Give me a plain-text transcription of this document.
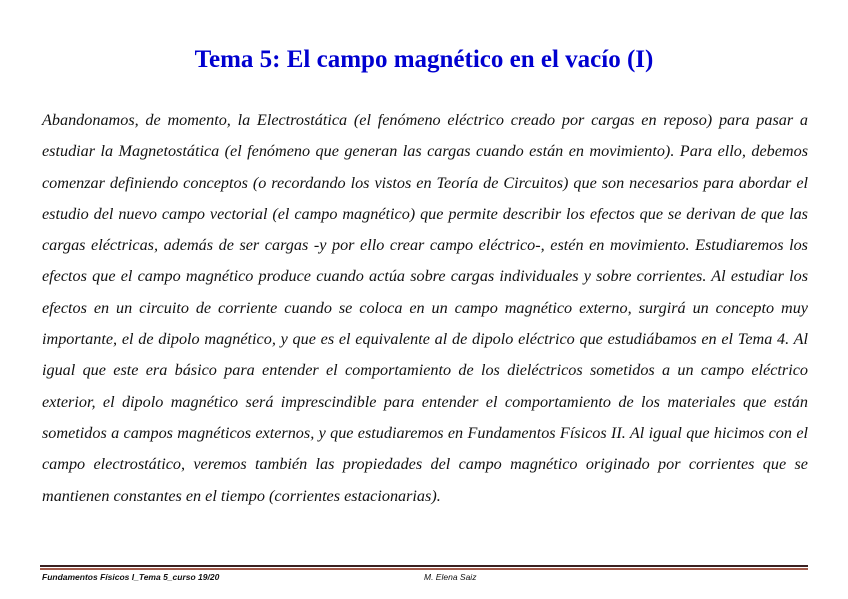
Tema 5: El campo magnético en el vacío (I)

Abandonamos, de momento, la Electrostática (el fenómeno eléctrico creado por cargas en reposo) para pasar a estudiar la Magnetostática (el fenómeno que generan las cargas cuando están en movimiento). Para ello, debemos comenzar definiendo conceptos (o recordando los vistos en Teoría de Circuitos) que son necesarios para abordar el estudio del nuevo campo vectorial (el campo magnético) que permite describir los efectos que se derivan de que las cargas eléctricas, además de ser cargas -y por ello crear campo eléctrico-, estén en movimiento. Estudiaremos los efectos que el campo magnético produce cuando actúa sobre cargas individuales y sobre corrientes. Al estudiar los efectos en un circuito de corriente cuando se coloca en un campo magnético externo, surgirá un concepto muy importante, el de dipolo magnético, y que es el equivalente al de dipolo eléctrico que estudiábamos en el Tema 4. Al igual que este era básico para entender el comportamiento de los dieléctricos sometidos a un campo eléctrico exterior, el dipolo magnético será imprescindible para entender el comportamiento de los materiales que están sometidos a campos magnéticos externos, y que estudiaremos en Fundamentos Físicos II. Al igual que hicimos con el campo electrostático, veremos también las propiedades del campo magnético originado por corrientes que se mantienen constantes en el tiempo (corrientes estacionarias).

Fundamentos Físicos I_Tema 5_curso 19/20	M. Elena Saiz
